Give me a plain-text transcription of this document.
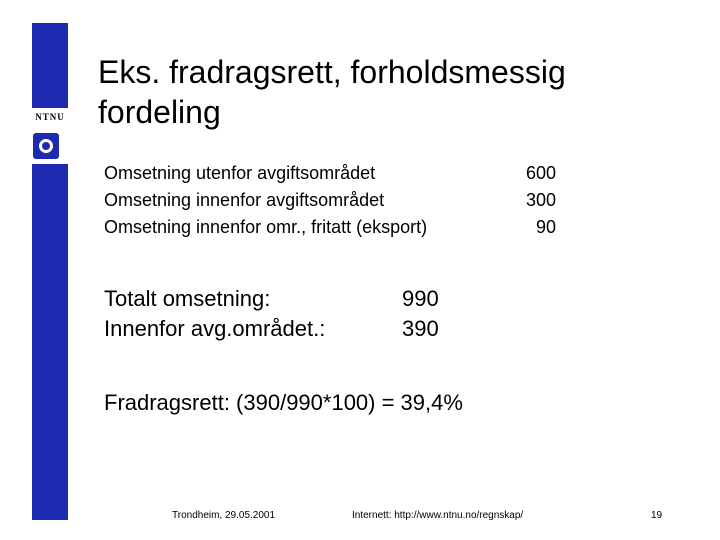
NTNU
Eks. fradragsrett, forholdsmessig fordeling
Omsetning utenfor avgiftsområdet	600
Omsetning innenfor avgiftsområdet	300
Omsetning innenfor omr., fritatt (eksport)	90
Totalt omsetning:	990
Innenfor avg.området.:	390
Fradragsrett: (390/990*100) = 39,4%
Trondheim, 29.05.2001	Internett: http://www.ntnu.no/regnskap/	19
